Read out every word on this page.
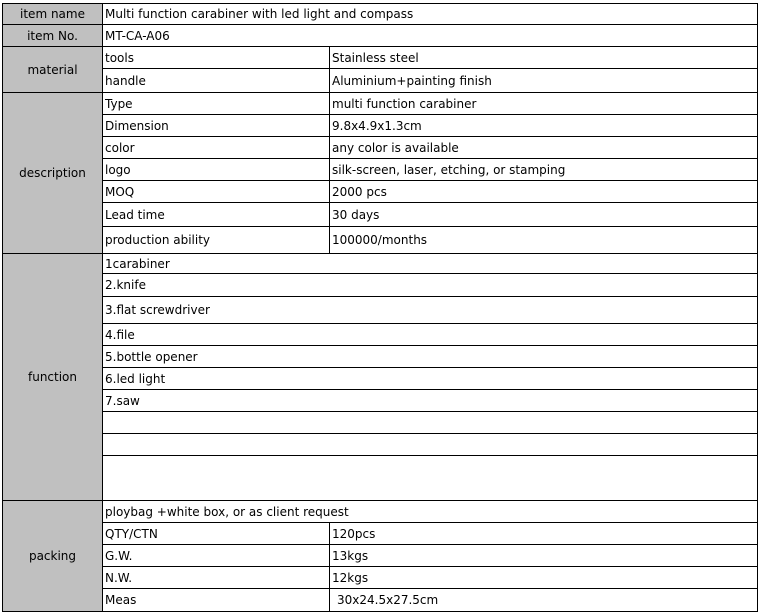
item name	Multi function carabiner with led light and compass
item No.	MT-CA-A06
material
tools	Stainless steel
handle	Aluminium+painting finish
description
Type	multi function carabiner
Dimension	9.8x4.9x1.3cm
color	any color is available
logo	silk-screen, laser, etching, or stamping
MOQ	2000 pcs
Lead time	30 days
production ability	100000/months
function
1carabiner
2.knife
3.flat screwdriver
4.file
5.bottle opener
6.led light
7.saw
packing
ploybag +white box, or as client request
QTY/CTN	120pcs
G.W.	13kgs
N.W.	12kgs
Meas	30x24.5x27.5cm
